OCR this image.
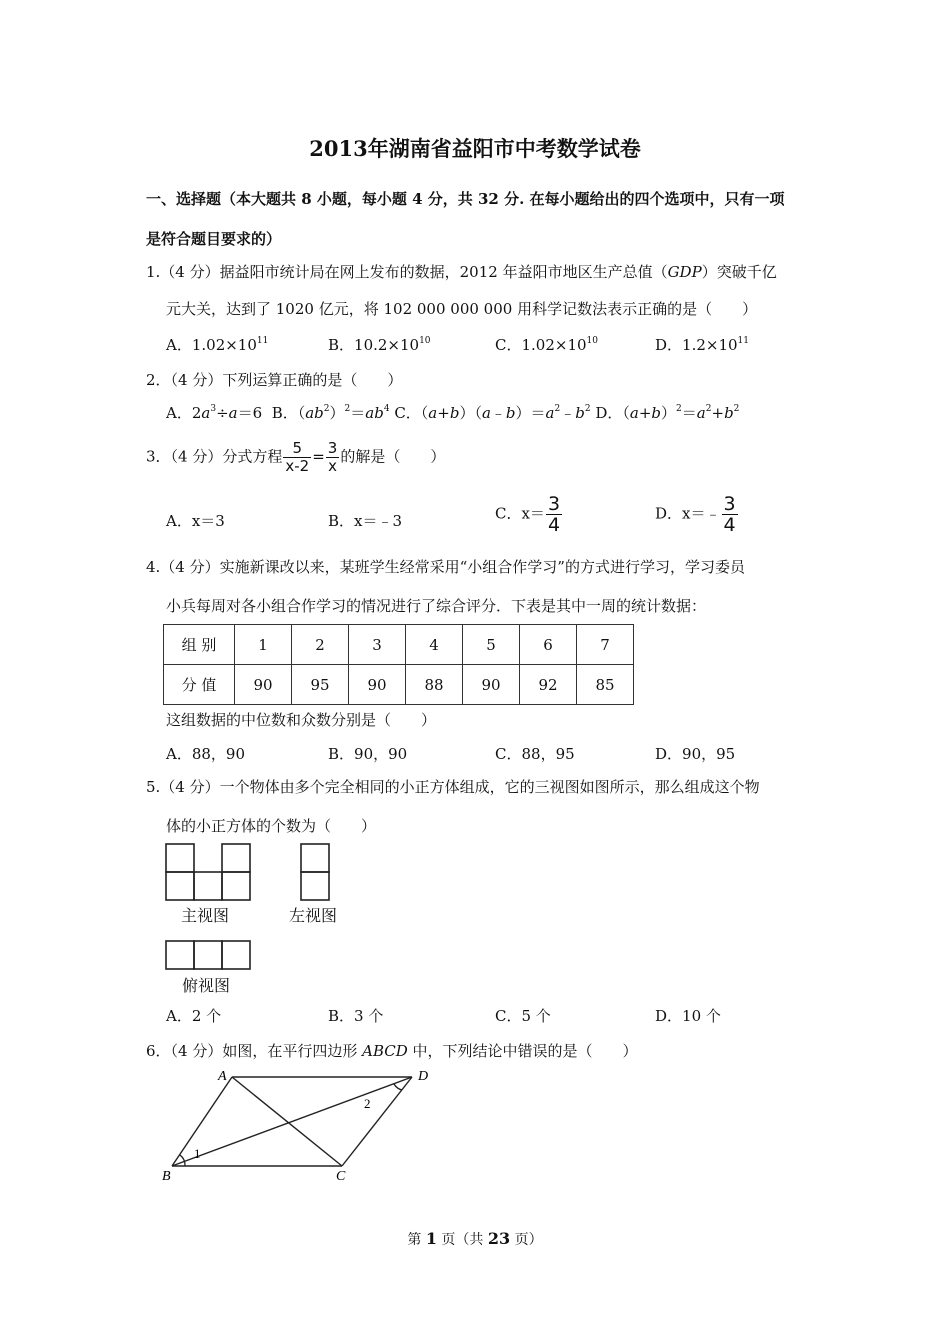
2013年湖南省益阳市中考数学试卷
一、选择题（本大题共 8 小题，每小题 4 分，共 32 分. 在每小题给出的四个选项中，只有一项
是符合题目要求的）
1.（4 分）据益阳市统计局在网上发布的数据，2012 年益阳市地区生产总值（GDP）突破千亿
元大关，达到了 1020 亿元，将 102 000 000 000 用科学记数法表示正确的是（　　）
A．$1.02\times 10^{11}$	B．$10.2\times 10^{10}$	C．$1.02\times 10^{10}$	D．$1.2\times 10^{11}$
2．（4 分）下列运算正确的是（　　）
A．$2a^3\div a=6$  B．$(ab^2)^2=ab^4$ C．$(a+b)(a﹣b)=a^2﹣b^2$ D．$(a+b)^2=a^2+b^2$
3．（4 分）分式方程 $\frac{5}{x-2} = \frac{3}{x}$ 的解是（　　）
A．x＝3	B．x＝﹣3	C．$x= \frac{3}{4}$	D．x＝﹣ $\frac{3}{4}$
4.（4 分）实施新课改以来，某班学生经常采用“小组合作学习”的方式进行学习，学习委员
小兵每周对各小组合作学习的情况进行了综合评分．下表是其中一周的统计数据：
组 别	1	2	3	4	5	6	7
分 值	90	95	90	88	90	92	85
这组数据的中位数和众数分别是（　　）
A．88，90	B．90，90	C．88，95	D．90，95
5.（4 分）一个物体由多个完全相同的小正方体组成，它的三视图如图所示，那么组成这个物
体的小正方体的个数为（　　）
主视图	左视图
俯视图
A．2 个	B．3 个	C．5 个	D．10 个
6．（4 分）如图，在平行四边形 ABCD 中，下列结论中错误的是（　　）
A	D
B	C
1
2
第 1 页（共 23 页）
